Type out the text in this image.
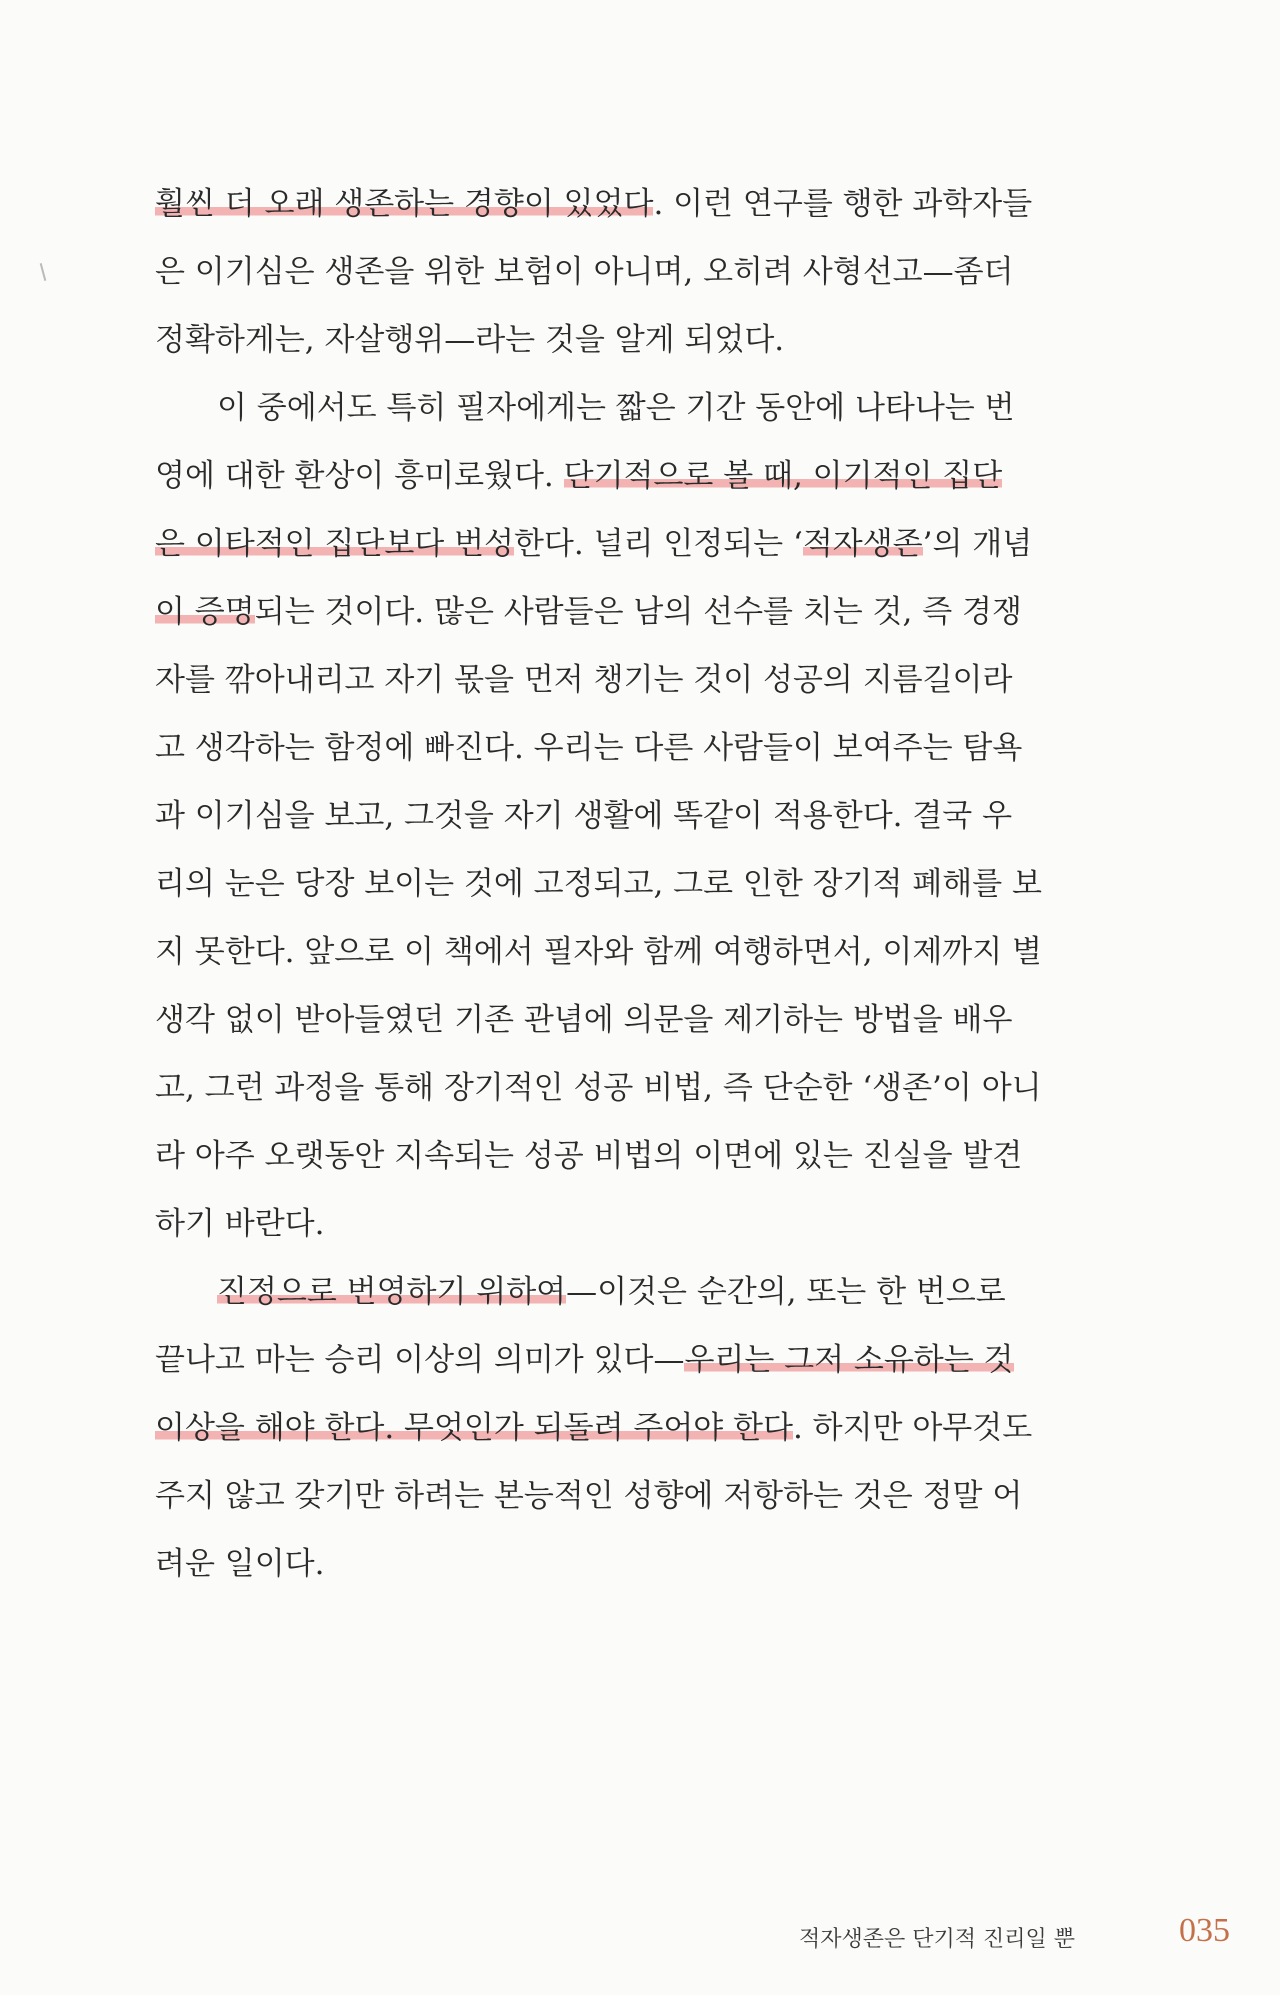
훨씬 더 오래 생존하는 경향이 있었다. 이런 연구를 행한 과학자들
은 이기심은 생존을 위한 보험이 아니며, 오히려 사형선고—좀더
정확하게는, 자살행위—라는 것을 알게 되었다.
이 중에서도 특히 필자에게는 짧은 기간 동안에 나타나는 번
영에 대한 환상이 흥미로웠다. 단기적으로 볼 때, 이기적인 집단
은 이타적인 집단보다 번성한다. 널리 인정되는 ‘적자생존’의 개념
이 증명되는 것이다. 많은 사람들은 남의 선수를 치는 것, 즉 경쟁
자를 깎아내리고 자기 몫을 먼저 챙기는 것이 성공의 지름길이라
고 생각하는 함정에 빠진다. 우리는 다른 사람들이 보여주는 탐욕
과 이기심을 보고, 그것을 자기 생활에 똑같이 적용한다. 결국 우
리의 눈은 당장 보이는 것에 고정되고, 그로 인한 장기적 폐해를 보
지 못한다. 앞으로 이 책에서 필자와 함께 여행하면서, 이제까지 별
생각 없이 받아들였던 기존 관념에 의문을 제기하는 방법을 배우
고, 그런 과정을 통해 장기적인 성공 비법, 즉 단순한 ‘생존’이 아니
라 아주 오랫동안 지속되는 성공 비법의 이면에 있는 진실을 발견
하기 바란다.
진정으로 번영하기 위하여—이것은 순간의, 또는 한 번으로
끝나고 마는 승리 이상의 의미가 있다—우리는 그저 소유하는 것
이상을 해야 한다. 무엇인가 되돌려 주어야 한다. 하지만 아무것도
주지 않고 갖기만 하려는 본능적인 성향에 저항하는 것은 정말 어
려운 일이다.
적자생존은 단기적 진리일 뿐	035
